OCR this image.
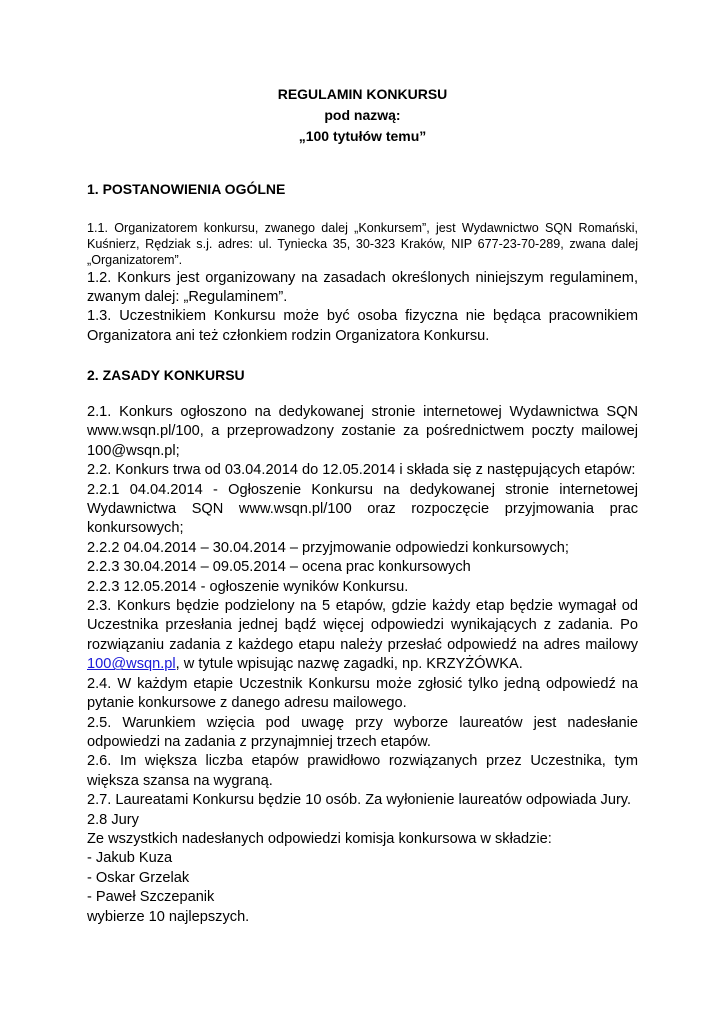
REGULAMIN KONKURSU
pod nazwą:
„100 tytułów temu”
1. POSTANOWIENIA OGÓLNE

1.1. Organizatorem konkursu, zwanego dalej „Konkursem”, jest Wydawnictwo SQN Romański, Kuśnierz, Rędziak s.j. adres: ul. Tyniecka 35, 30-323 Kraków, NIP 677-23-70-289, zwana dalej „Organizatorem”.

1.2. Konkurs jest organizowany na zasadach określonych niniejszym regulaminem, zwanym dalej: „Regulaminem”.

1.3. Uczestnikiem Konkursu może być osoba fizyczna nie będąca pracownikiem Organizatora ani też członkiem rodzin Organizatora Konkursu.

2. ZASADY KONKURSU

2.1. Konkurs ogłoszono na dedykowanej stronie internetowej Wydawnictwa SQN www.wsqn.pl/100, a przeprowadzony zostanie za pośrednictwem poczty mailowej 100@wsqn.pl;

2.2. Konkurs trwa od 03.04.2014 do 12.05.2014 i składa się z następujących etapów:

2.2.1 04.04.2014 - Ogłoszenie Konkursu na dedykowanej stronie internetowej Wydawnictwa SQN www.wsqn.pl/100 oraz rozpoczęcie przyjmowania prac konkursowych;

2.2.2 04.04.2014 – 30.04.2014 – przyjmowanie odpowiedzi konkursowych;

2.2.3 30.04.2014 – 09.05.2014 – ocena prac konkursowych

2.2.3 12.05.2014 - ogłoszenie wyników Konkursu.

2.3. Konkurs będzie podzielony na 5 etapów, gdzie każdy etap będzie wymagał od Uczestnika przesłania jednej bądź więcej odpowiedzi wynikających z zadania. Po rozwiązaniu zadania z każdego etapu należy przesłać odpowiedź na adres mailowy 100@wsqn.pl, w tytule wpisując nazwę zagadki, np. KRZYŻÓWKA.

2.4. W każdym etapie Uczestnik Konkursu może zgłosić tylko jedną odpowiedź na pytanie konkursowe z danego adresu mailowego.

2.5. Warunkiem wzięcia pod uwagę przy wyborze laureatów jest nadesłanie odpowiedzi na zadania z przynajmniej trzech etapów.

2.6. Im większa liczba etapów prawidłowo rozwiązanych przez Uczestnika, tym większa szansa na wygraną.

2.7. Laureatami Konkursu będzie 10 osób. Za wyłonienie laureatów odpowiada Jury.

2.8 Jury

Ze wszystkich nadesłanych odpowiedzi komisja konkursowa w składzie:

- Jakub Kuza

- Oskar Grzelak

- Paweł Szczepanik

wybierze 10 najlepszych.
